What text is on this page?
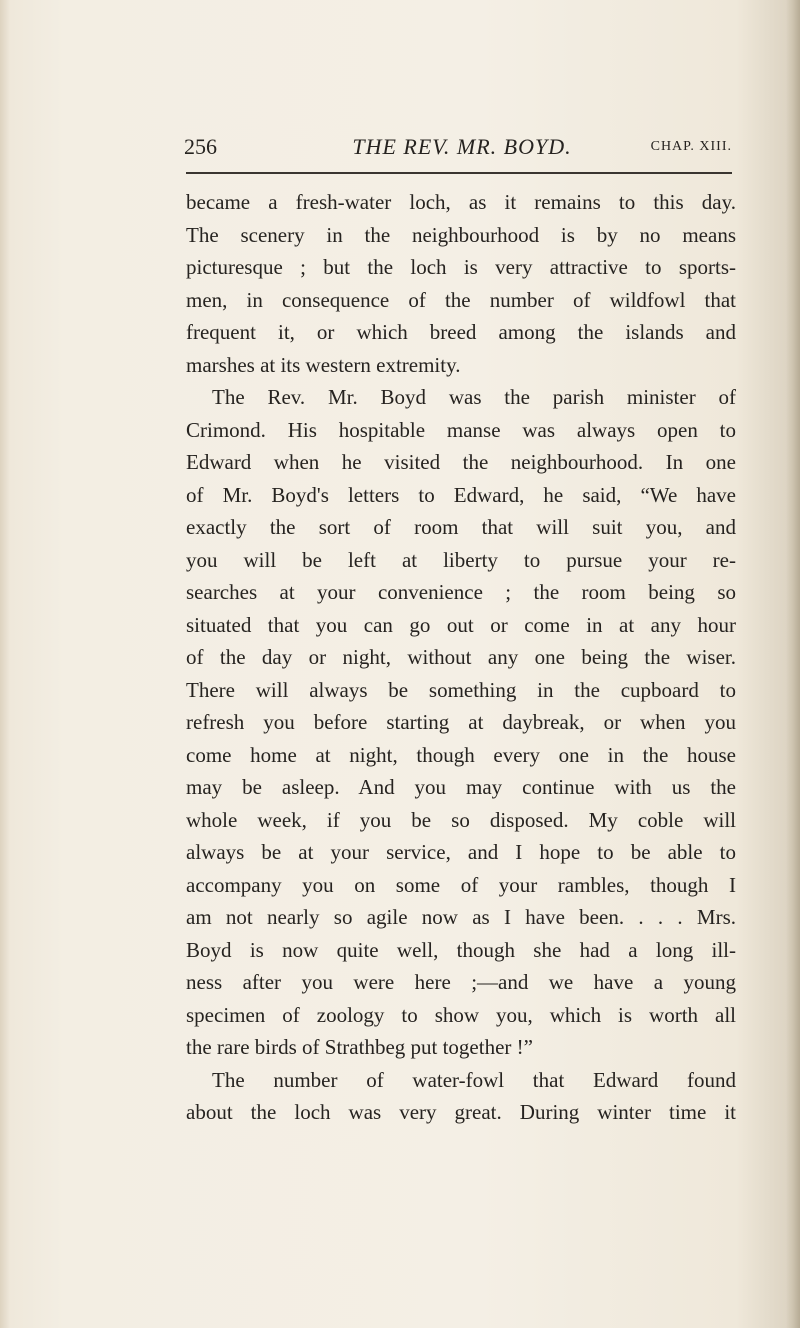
256	THE REV. MR. BOYD.	CHAP. XIII.
became a fresh-water loch, as it remains to this day.
The scenery in the neighbourhood is by no means
picturesque ; but the loch is very attractive to sports-
men, in consequence of the number of wildfowl that
frequent it, or which breed among the islands and
marshes at its western extremity.
The Rev. Mr. Boyd was the parish minister of
Crimond. His hospitable manse was always open to
Edward when he visited the neighbourhood. In one
of Mr. Boyd's letters to Edward, he said, “We have
exactly the sort of room that will suit you, and
you will be left at liberty to pursue your re-
searches at your convenience ; the room being so
situated that you can go out or come in at any hour
of the day or night, without any one being the wiser.
There will always be something in the cupboard to
refresh you before starting at daybreak, or when you
come home at night, though every one in the house
may be asleep. And you may continue with us the
whole week, if you be so disposed. My coble will
always be at your service, and I hope to be able to
accompany you on some of your rambles, though I
am not nearly so agile now as I have been. . . . Mrs.
Boyd is now quite well, though she had a long ill-
ness after you were here ;—and we have a young
specimen of zoology to show you, which is worth all
the rare birds of Strathbeg put together !”
The number of water-fowl that Edward found
about the loch was very great. During winter time it
